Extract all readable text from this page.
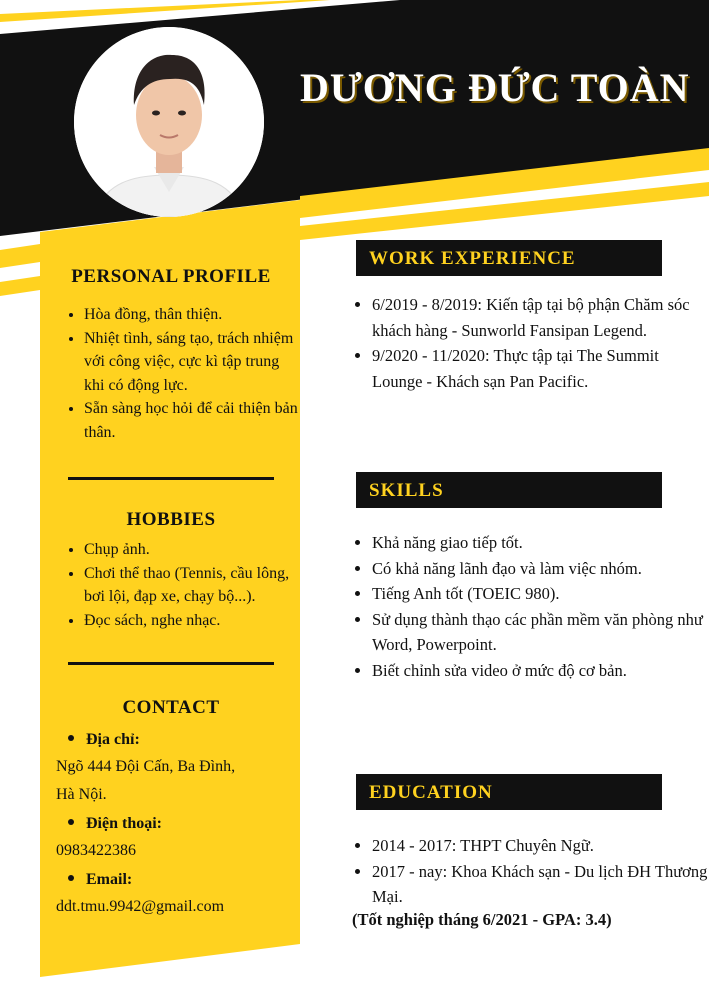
DƯƠNG ĐỨC TOÀN
PERSONAL PROFILE
• Hòa đồng, thân thiện.
• Nhiệt tình, sáng tạo, trách nhiệm với công việc, cực kì tập trung khi có động lực.
• Sẵn sàng học hỏi để cải thiện bản thân.
HOBBIES
• Chụp ảnh.
• Chơi thể thao (Tennis, cầu lông, bơi lội, đạp xe, chạy bộ...).
• Đọc sách, nghe nhạc.
CONTACT
Địa chỉ:
Ngõ 444 Đội Cấn, Ba Đình,
Hà Nội.
Điện thoại:
0983422386
Email:
ddt.tmu.9942@gmail.com
WORK EXPERIENCE
• 6/2019 - 8/2019: Kiến tập tại bộ phận Chăm sóc khách hàng - Sunworld Fansipan Legend.
• 9/2020 - 11/2020: Thực tập tại The Summit Lounge - Khách sạn Pan Pacific.
SKILLS
• Khả năng giao tiếp tốt.
• Có khả năng lãnh đạo và làm việc nhóm.
• Tiếng Anh tốt (TOEIC 980).
• Sử dụng thành thạo các phần mềm văn phòng như Word, Powerpoint.
• Biết chỉnh sửa video ở mức độ cơ bản.
EDUCATION
• 2014 - 2017: THPT Chuyên Ngữ.
• 2017 - nay: Khoa Khách sạn - Du lịch ĐH Thương Mại.
(Tốt nghiệp tháng 6/2021 - GPA: 3.4)
